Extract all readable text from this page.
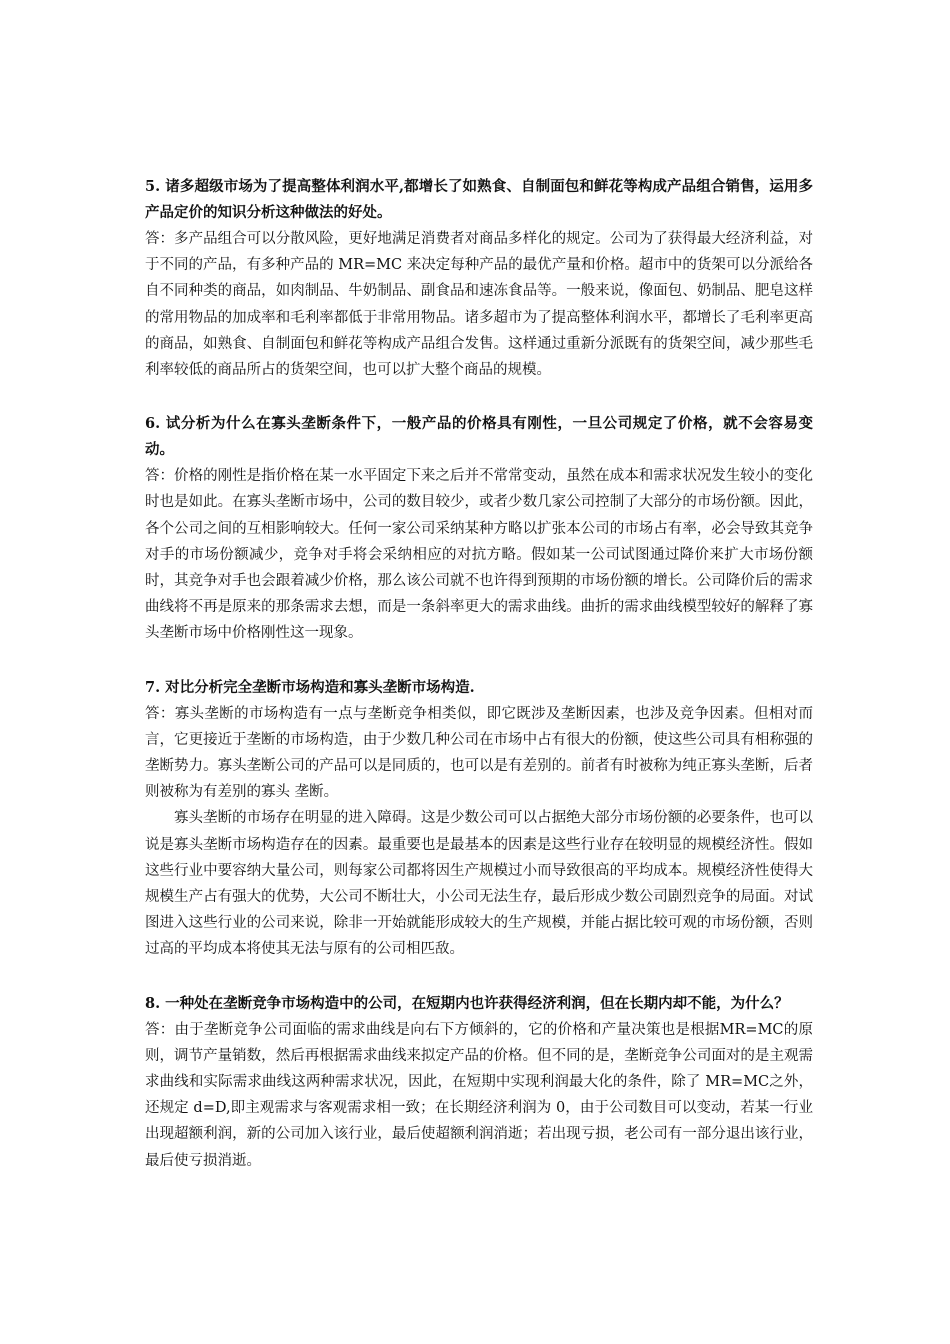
5. 诸多超级市场为了提高整体利润水平,都增长了如熟食、自制面包和鲜花等构成产品组合销售，运用多产品定价的知识分析这种做法的好处。

答：多产品组合可以分散风险，更好地满足消费者对商品多样化的规定。公司为了获得最大经济利益，对于不同的产品，有多种产品的 MR=MC 来决定每种产品的最优产量和价格。超市中的货架可以分派给各自不同种类的商品，如肉制品、牛奶制品、副食品和速冻食品等。一般来说，像面包、奶制品、肥皂这样的常用物品的加成率和毛利率都低于非常用物品。诸多超市为了提高整体利润水平，都增长了毛利率更高的商品，如熟食、自制面包和鲜花等构成产品组合发售。这样通过重新分派既有的货架空间，减少那些毛利率较低的商品所占的货架空间，也可以扩大整个商品的规模。

6. 试分析为什么在寡头垄断条件下，一般产品的价格具有刚性，一旦公司规定了价格，就不会容易变动。

答：价格的刚性是指价格在某一水平固定下来之后并不常常变动，虽然在成本和需求状况发生较小的变化时也是如此。在寡头垄断市场中，公司的数目较少，或者少数几家公司控制了大部分的市场份额。因此，各个公司之间的互相影响较大。任何一家公司采纳某种方略以扩张本公司的市场占有率，必会导致其竞争对手的市场份额减少，竞争对手将会采纳相应的对抗方略。假如某一公司试图通过降价来扩大市场份额时，其竞争对手也会跟着减少价格，那么该公司就不也许得到预期的市场份额的增长。公司降价后的需求曲线将不再是原来的那条需求去想，而是一条斜率更大的需求曲线。曲折的需求曲线模型较好的解释了寡头垄断市场中价格刚性这一现象。

7. 对比分析完全垄断市场构造和寡头垄断市场构造.

答：寡头垄断的市场构造有一点与垄断竞争相类似，即它既涉及垄断因素，也涉及竞争因素。但相对而言，它更接近于垄断的市场构造，由于少数几种公司在市场中占有很大的份额，使这些公司具有相称强的垄断势力。寡头垄断公司的产品可以是同质的，也可以是有差别的。前者有时被称为纯正寡头垄断，后者则被称为有差别的寡头 垄断。

寡头垄断的市场存在明显的进入障碍。这是少数公司可以占据绝大部分市场份额的必要条件，也可以说是寡头垄断市场构造存在的因素。最重要也是最基本的因素是这些行业存在较明显的规模经济性。假如这些行业中要容纳大量公司，则每家公司都将因生产规模过小而导致很高的平均成本。规模经济性使得大规模生产占有强大的优势，大公司不断壮大，小公司无法生存，最后形成少数公司剧烈竞争的局面。对试图进入这些行业的公司来说，除非一开始就能形成较大的生产规模，并能占据比较可观的市场份额，否则过高的平均成本将使其无法与原有的公司相匹敌。

8. 一种处在垄断竞争市场构造中的公司，在短期内也许获得经济利润，但在长期内却不能，为什么？

答：由于垄断竞争公司面临的需求曲线是向右下方倾斜的，它的价格和产量决策也是根据MR=MC的原则，调节产量销数，然后再根据需求曲线来拟定产品的价格。但不同的是，垄断竞争公司面对的是主观需求曲线和实际需求曲线这两种需求状况，因此，在短期中实现利润最大化的条件，除了 MR=MC之外，还规定 d=D,即主观需求与客观需求相一致；在长期经济利润为 0，由于公司数目可以变动，若某一行业出现超额利润，新的公司加入该行业，最后使超额利润消逝；若出现亏损，老公司有一部分退出该行业，最后使亏损消逝。
